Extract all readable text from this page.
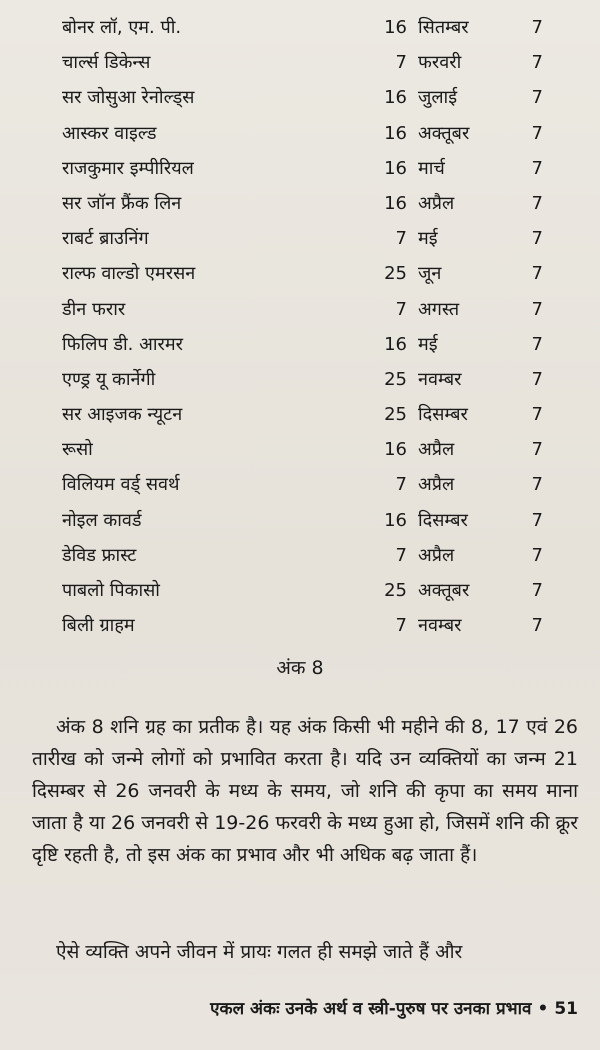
बोनर लॉ, एम. पी.	16 सितम्बर	7
चार्ल्स डिकेन्स	7 फरवरी	7
सर जोसुआ रेनोल्ड्स	16 जुलाई	7
आस्कर वाइल्ड	16 अक्तूबर	7
राजकुमार इम्पीरियल	16 मार्च	7
सर जॉन फ्रैंक लिन	16 अप्रैल	7
राबर्ट ब्राउनिंग	7 मई	7
राल्फ वाल्डो एमरसन	25 जून	7
डीन फरार	7 अगस्त	7
फिलिप डी. आरमर	16 मई	7
एण्ड्र यू कार्नेगी	25 नवम्बर	7
सर आइजक न्यूटन	25 दिसम्बर	7
रूसो	16 अप्रैल	7
विलियम वर्ड् सवर्थ	7 अप्रैल	7
नोइल कावर्ड	16 दिसम्बर	7
डेविड फ्रास्ट	7 अप्रैल	7
पाबलो पिकासो	25 अक्तूबर	7
बिली ग्राहम	7 नवम्बर	7
अंक 8

अंक 8 शनि ग्रह का प्रतीक है। यह अंक किसी भी महीने की 8, 17 एवं 26 तारीख को जन्मे लोगों को प्रभावित करता है। यदि उन व्यक्तियों का जन्म 21 दिसम्बर से 26 जनवरी के मध्य के समय, जो शनि की कृपा का समय माना जाता है या 26 जनवरी से 19-26 फरवरी के मध्य हुआ हो, जिसमें शनि की क्रूर दृष्टि रहती है, तो इस अंक का प्रभाव और भी अधिक बढ़ जाता हैं।

ऐसे व्यक्ति अपने जीवन में प्रायः गलत ही समझे जाते हैं और

एकल अंकः उनके अर्थ व स्त्री-पुरुष पर उनका प्रभाव • 51
